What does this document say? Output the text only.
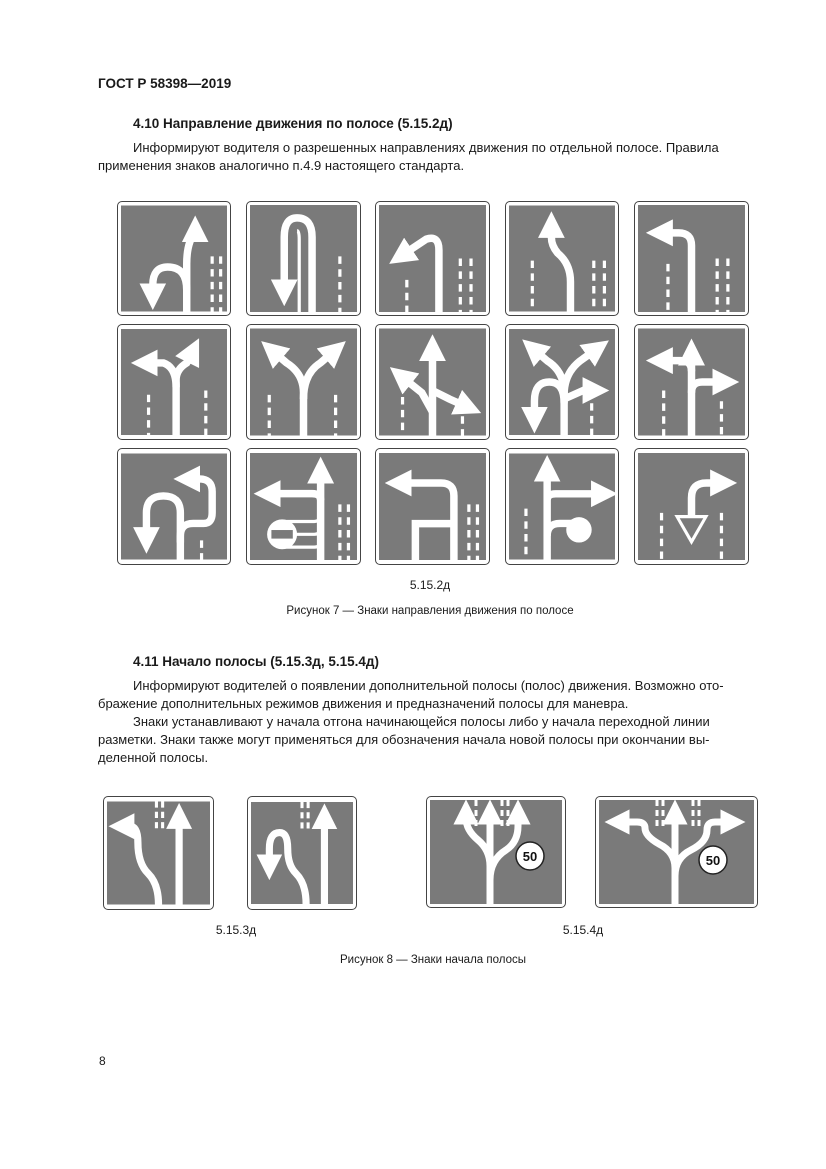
ГОСТ Р 58398—2019
4.10 Направление движения по полосе (5.15.2д)
Информируют водителя о разрешенных направлениях движения по отдельной полосе. Правила
применения знаков аналогично п.4.9 настоящего стандарта.
5.15.2д
Рисунок 7 — Знаки направления движения по полосе
4.11 Начало полосы (5.15.3д, 5.15.4д)
Информируют водителей о появлении дополнительной полосы (полос) движения. Возможно ото-
бражение дополнительных режимов движения и предназначений полосы для маневра.
Знаки устанавливают у начала отгона начинающейся полосы либо у начала переходной линии
разметки. Знаки также могут применяться для обозначения начала новой полосы при окончании вы-
деленной полосы.
50	50
5.15.3д	5.15.4д
Рисунок 8 — Знаки начала полосы
8
